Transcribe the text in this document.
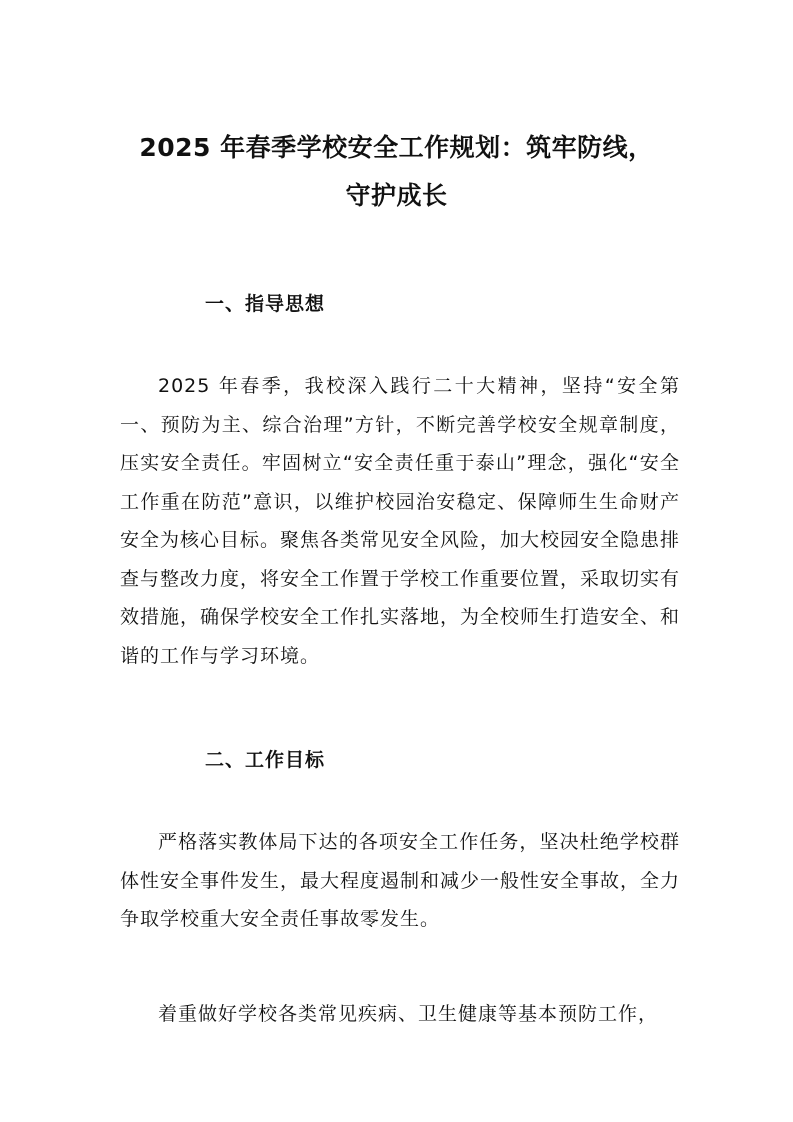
2025 年春季学校安全工作规划：筑牢防线，
守护成长
一、指导思想

2025 年春季，我校深入践行二十大精神，坚持“安全第一、预防为主、综合治理”方针，不断完善学校安全规章制度，压实安全责任。牢固树立“安全责任重于泰山”理念，强化“安全工作重在防范”意识，以维护校园治安稳定、保障师生生命财产安全为核心目标。聚焦各类常见安全风险，加大校园安全隐患排查与整改力度，将安全工作置于学校工作重要位置，采取切实有效措施，确保学校安全工作扎实落地，为全校师生打造安全、和谐的工作与学习环境。

二、工作目标

严格落实教体局下达的各项安全工作任务，坚决杜绝学校群体性安全事件发生，最大程度遏制和减少一般性安全事故，全力争取学校重大安全责任事故零发生。

着重做好学校各类常见疾病、卫生健康等基本预防工作，
